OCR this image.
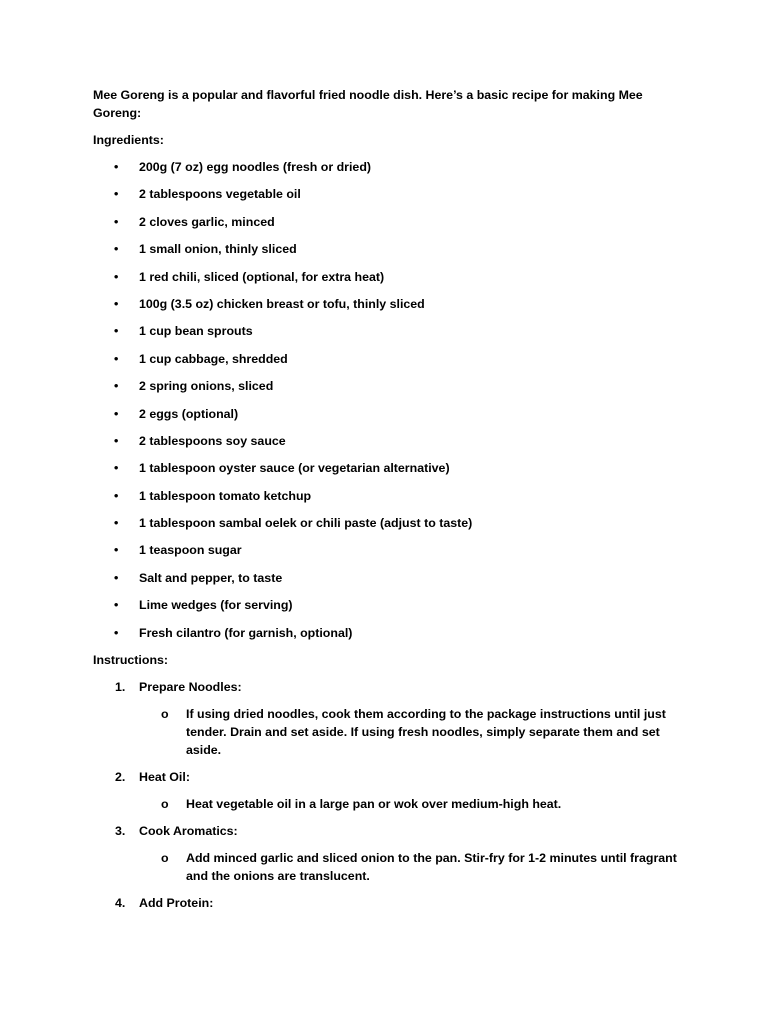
Mee Goreng is a popular and flavorful fried noodle dish. Here’s a basic recipe for making Mee Goreng:

Ingredients:

• 200g (7 oz) egg noodles (fresh or dried)
• 2 tablespoons vegetable oil
• 2 cloves garlic, minced
• 1 small onion, thinly sliced
• 1 red chili, sliced (optional, for extra heat)
• 100g (3.5 oz) chicken breast or tofu, thinly sliced
• 1 cup bean sprouts
• 1 cup cabbage, shredded
• 2 spring onions, sliced
• 2 eggs (optional)
• 2 tablespoons soy sauce
• 1 tablespoon oyster sauce (or vegetarian alternative)
• 1 tablespoon tomato ketchup
• 1 tablespoon sambal oelek or chili paste (adjust to taste)
• 1 teaspoon sugar
• Salt and pepper, to taste
• Lime wedges (for serving)
• Fresh cilantro (for garnish, optional)

Instructions:

1. Prepare Noodles:
o If using dried noodles, cook them according to the package instructions until just tender. Drain and set aside. If using fresh noodles, simply separate them and set aside.
2. Heat Oil:
o Heat vegetable oil in a large pan or wok over medium-high heat.
3. Cook Aromatics:
o Add minced garlic and sliced onion to the pan. Stir-fry for 1-2 minutes until fragrant and the onions are translucent.
4. Add Protein:
